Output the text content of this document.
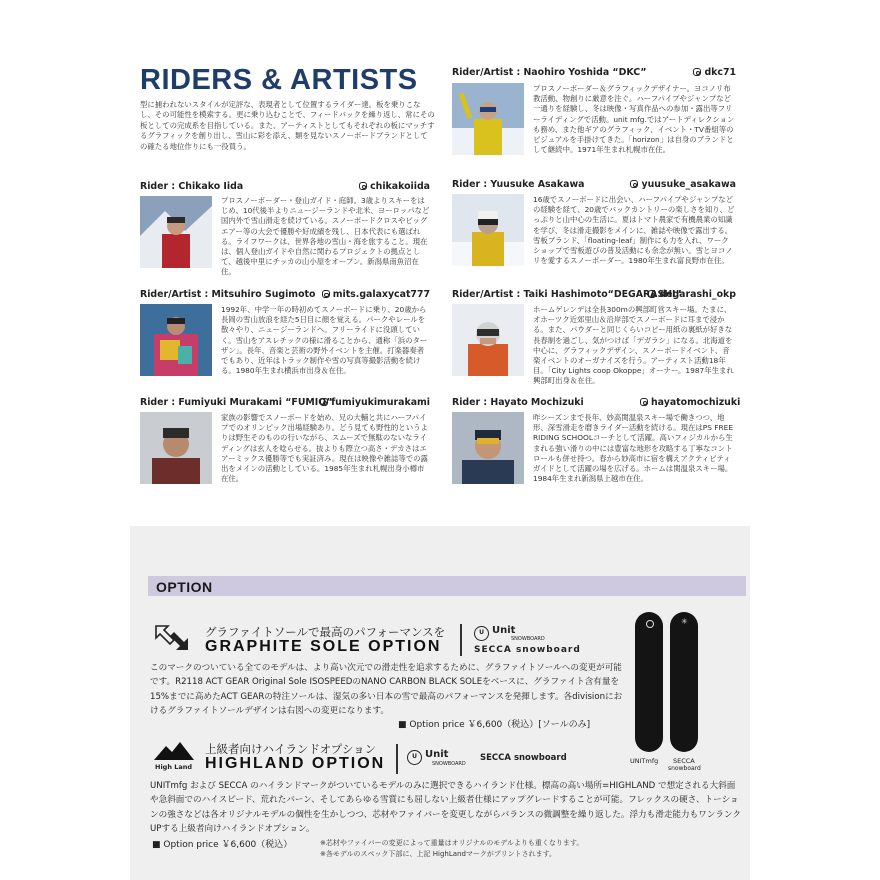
RIDERS & ARTISTS
型に捕われないスタイルが定評な、表現者として位置するライダー達。板を乗りこなし、その可能性を模索する。更に乗り込むことで、フィードバックを繰り返し、常にその板としての完成系を目指している。また、アーティストとしてもそれぞれの板にマッチするグラフィックを創り出し、雪山に彩を添え、類を見ないスノーボードブランドとしての確たる地位作りにも一役買う。
Rider/Artist : Naohiro Yoshida “DKC”	dkc71
プロスノーボーダー＆グラフィックデザイナー。ヨコノリ布教活動、物創りに厳意を注ぐ。ハーフパイプやジャンプなど一通りを経験し、冬は映像・写真作品への参加・露出等フリーライディングで活動。unit mfg.ではアートディレクションも務め、また他ギアのグラフィック、イベント・TV番組等のビジュアルを手掛けてきた。「horizon」は自身のブランドとして継続中。1971年生まれ札幌市在住。
Rider : Chikako Iida	chikakoiida
プロスノーボーダー・登山ガイド・庭師。3歳よりスキーをはじめ、10代後半よりニュージーランドや北米、ヨーロッパなど国内外で雪山滑走を続けている。スノーボードクロスやビッグエアー等の大会で優勝や好成績を残し、日本代表にも選ばれる。ライフワークは、世界各地の雪山・海を旅すること。現在は、個人登山ガイドや自然に関わるプロジェクトの拠点として、越後中里にチッカの山小屋をオープン。新潟県南魚沼在住。
Rider : Yuusuke Asakawa	yuusuke_asakawa
16歳でスノーボードに出会い、ハーフパイプやジャンプなどの経験を経て、20歳でバックカントリーの楽しさを知り、どっぷりと山中心の生活に。夏はトマト農家で有機農業の知識を学び、冬は滑走撮影をメインに、雑誌や映像で露出する。雪板ブランド、「floating-leaf」制作にも力を入れ、ワークショップで雪板遊びの普及活動にも余念が無い。雪とヨコノリを愛するスノーボーダー。1980年生まれ富良野市在住。
Rider/Artist : Mitsuhiro Sugimoto	mits.galaxycat777
1992年、中学一年の時初めてスノーボードに乗り、20歳から長岡の雪山放浪を経た5日目に顔を覚える。パークやレールを散々やり、ニュージーランドへ。フリーライドに没頭していく。雪山をアスレチックの様に滑ることから、通称「浜のターザン」。長年、音楽と芸術の野外イベントを主催。打楽器奏者でもあり、近年はトラック制作や雪の写真等撮影活動を続ける。1980年生まれ横浜市出身＆在住。
Rider/Artist : Taiki Hashimoto“DEGARASHI”
degarashi_okp
ホームゲレンデは全長300mの興部町営スキー場。たまに、オホーツク近郊里山＆沿岸部でスノーボードに耳まで浸かる。また、パウダーと同じくらいコピー用紙の裏紙が好きな長春制を過ごし、気がつけば「デガラシ」になる。北海道を中心に、グラフィックデザイン、スノーボードイベント、音楽イベントのオーガナイズを行う。アーティスト活動18年目。「City Lights coop Okoppe」オーナー。1987年生まれ興部町出身＆在住。
Rider : Fumiyuki Murakami “FUMIO”
fumiyukimurakami
家族の影響でスノーボードを始め、兄の大輔と共にハーフパイプでのオリンピック出場経験あり。どう見ても野性的というよりは野生そのものの行いながら、スムーズで無駄のないなライディングは玄人を唸らせる。抜よりも際立つ高さ・デカさはエアーミックス優勝等でも実証済み。現在は映像や雑誌等での露出をメインの活動としている。1985年生まれ札幌出身小樽市在住。
Rider : Hayato Mochizuki	hayatomochizuki
昨シーズンまで長年、妙高関温泉スキー場で働きつつ、地形、深雪滑走を磨きライダー活動を続ける。現在はPS FREE RIDING SCHOOLコーチとして活躍。高いフィジカルから生まれる強い滑りの中には豊富な地形を攻略する丁寧なコントロールも併せ持つ。春から妙高市に宿を構えアクティビティガイドとして活躍の場を広げる。ホームは関温泉スキー場。1984年生まれ新潟県上越市在住。
OPTION
グラファイトソールで最高のパフォーマンスを
GRAPHITE SOLE OPTION
U Unit
SNOWBOARD
SECCA snowboard
このマークのついている全てのモデルは、より高い次元での滑走性を追求するために、グラファイトソールへの変更が可能です。R2118 ACT GEAR Original Sole ISOSPEEDのNANO CARBON BLACK SOLEをベースに、グラファイト含有量を15%までに高めたACT GEARの特注ソールは、湿気の多い日本の雪で最高のパフォーマンスを発揮します。各divisionにおけるグラファイトソールデザインは右図への変更になります。
■ Option price ￥6,600（税込）[ソールのみ]
✳
UNITmfg SECCA
snowboard
High Land
上級者向けハイランドオプション
HIGHLAND OPTION	U Unit
SNOWBOARD
SECCA snowboard
UNITmfg および SECCA のハイランドマークがついているモデルのみに選択できるハイランド仕様。標高の高い場所=HIGHLAND で想定される大斜面や急斜面でのハイスピード、荒れたバーン、そしてあらゆる雪質にも屈しない上級者仕様にアップグレードすることが可能。フレックスの硬さ、トーションの強さなどは各オリジナルモデルの個性を生かしつつ、芯材やファイバーを変更しながらバランスの微調整を繰り返した。浮力も滑走能力もワンランクUPする上級者向けハイランドオプション。
■ Option price ￥6,600（税込）	※芯材やファイバーの変更によって重量はオリジナルのモデルよりも重くなります。
※各モデルのスペック下部に、上記 HighLandマークがプリントされます。
